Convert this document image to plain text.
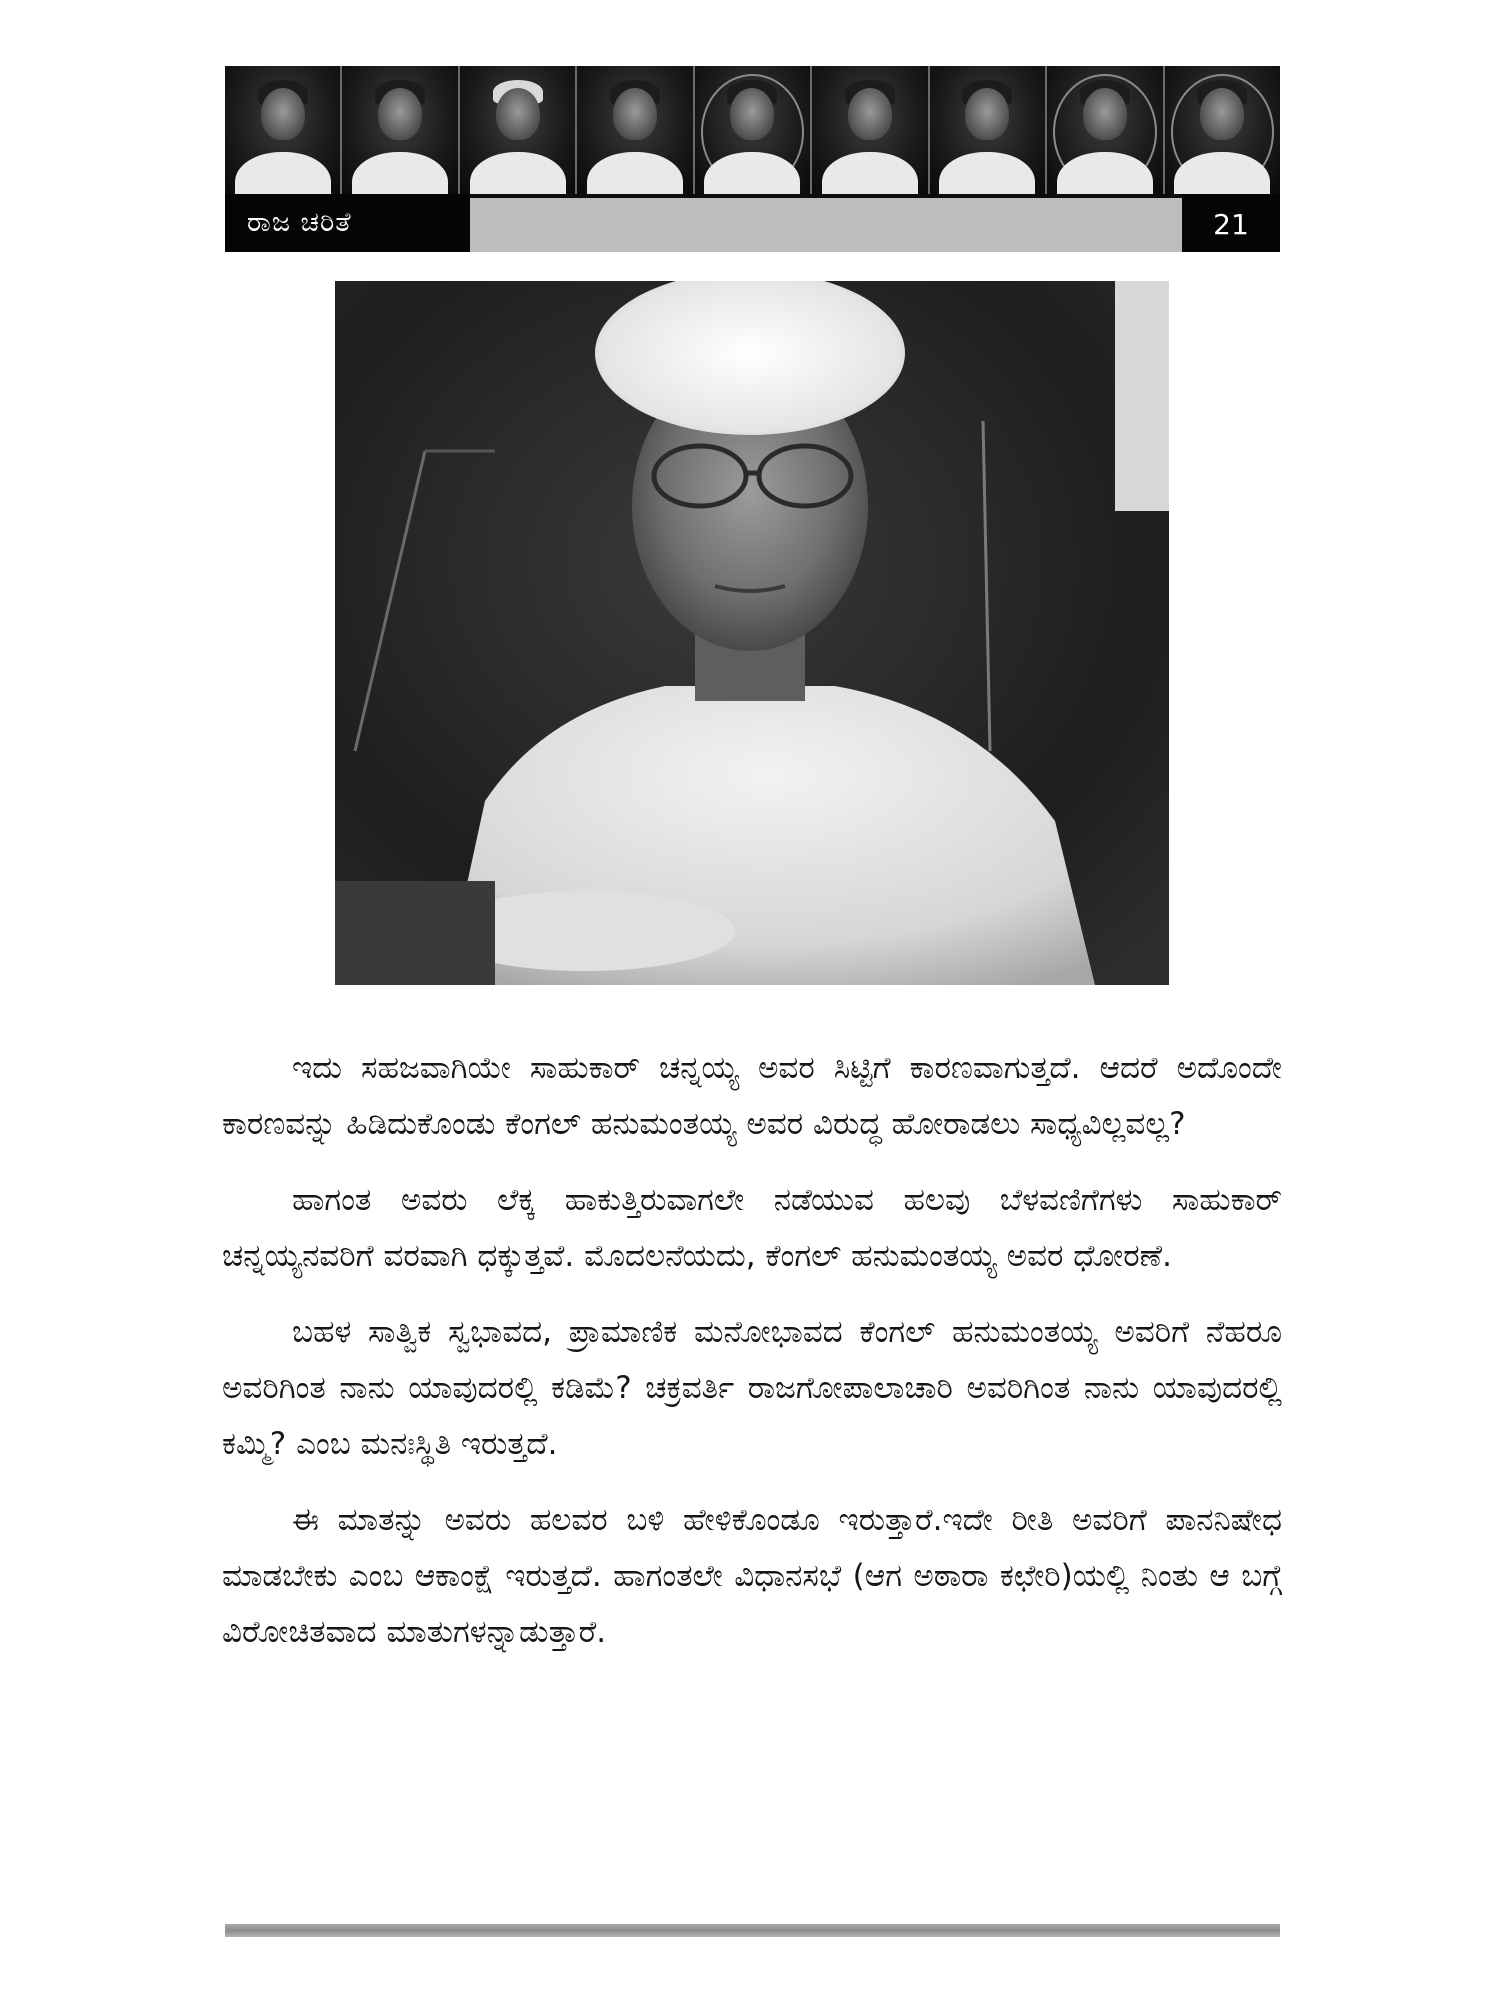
ರಾಜ ಚರಿತೆ	21

ಇದು ಸಹಜವಾಗಿಯೇ ಸಾಹುಕಾರ್ ಚನ್ನಯ್ಯ ಅವರ ಸಿಟ್ಟಿಗೆ ಕಾರಣವಾಗುತ್ತದೆ. ಆದರೆ ಅದೊಂದೇ ಕಾರಣವನ್ನು ಹಿಡಿದುಕೊಂಡು ಕೆಂಗಲ್ ಹನುಮಂತಯ್ಯ ಅವರ ವಿರುದ್ಧ ಹೋರಾಡಲು ಸಾಧ್ಯವಿಲ್ಲವಲ್ಲ?

ಹಾಗಂತ ಅವರು ಲೆಕ್ಕ ಹಾಕುತ್ತಿರುವಾಗಲೇ ನಡೆಯುವ ಹಲವು ಬೆಳವಣಿಗೆಗಳು ಸಾಹುಕಾರ್ ಚನ್ನಯ್ಯನವರಿಗೆ ವರವಾಗಿ ಧಕ್ಕುತ್ತವೆ. ಮೊದಲನೆಯದು, ಕೆಂಗಲ್ ಹನುಮಂತಯ್ಯ ಅವರ ಧೋರಣೆ.

ಬಹಳ ಸಾತ್ವಿಕ ಸ್ವಭಾವದ, ಪ್ರಾಮಾಣಿಕ ಮನೋಭಾವದ ಕೆಂಗಲ್ ಹನುಮಂತಯ್ಯ ಅವರಿಗೆ ನೆಹರೂ ಅವರಿಗಿಂತ ನಾನು ಯಾವುದರಲ್ಲಿ ಕಡಿಮೆ? ಚಕ್ರವರ್ತಿ ರಾಜಗೋಪಾಲಾಚಾರಿ ಅವರಿಗಿಂತ ನಾನು ಯಾವುದರಲ್ಲಿ ಕಮ್ಮಿ? ಎಂಬ ಮನಃಸ್ಥಿತಿ ಇರುತ್ತದೆ.

ಈ ಮಾತನ್ನು ಅವರು ಹಲವರ ಬಳಿ ಹೇಳಿಕೊಂಡೂ ಇರುತ್ತಾರೆ.ಇದೇ ರೀತಿ ಅವರಿಗೆ ಪಾನನಿಷೇಧ ಮಾಡಬೇಕು ಎಂಬ ಆಕಾಂಕ್ಷೆ ಇರುತ್ತದೆ. ಹಾಗಂತಲೇ ವಿಧಾನಸಭೆ (ಆಗ ಅಠಾರಾ ಕಛೇರಿ)ಯಲ್ಲಿ ನಿಂತು ಆ ಬಗ್ಗೆ ವಿರೋಚಿತವಾದ ಮಾತುಗಳನ್ನಾಡುತ್ತಾರೆ.
